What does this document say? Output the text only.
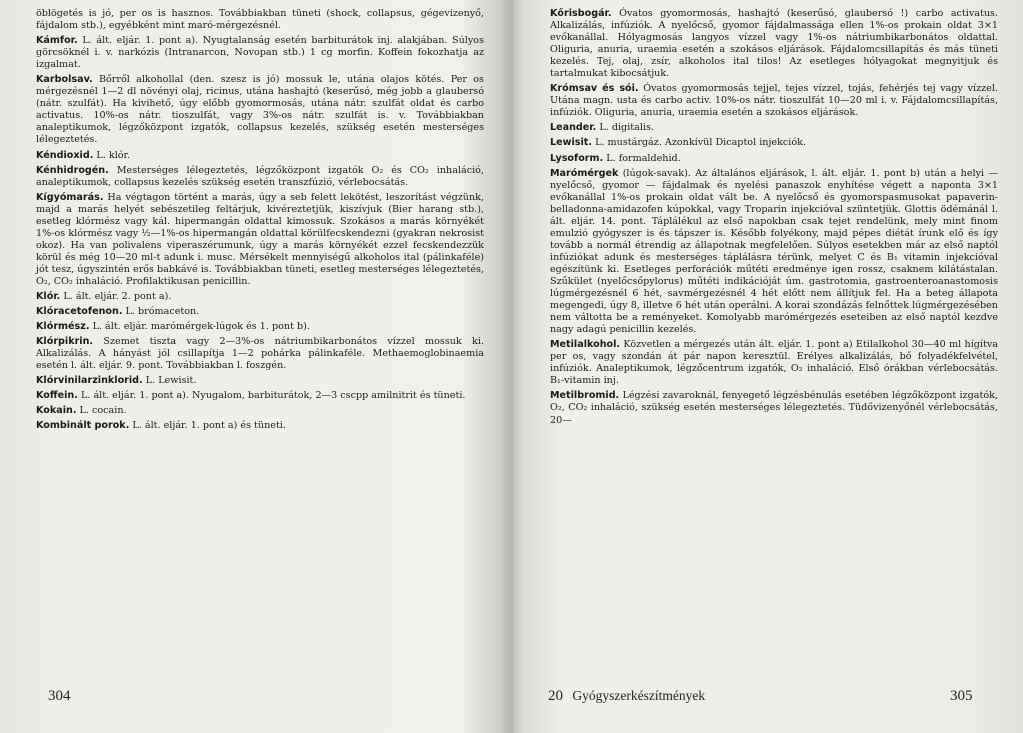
öblögetés is jó, per os is hasznos. Továbbiakban tüneti (shock, collapsus, gégevizenyő, fájdalom stb.), egyébként mint maró-mérgezésnél.

Kámfor. L. ált. eljár. 1. pont a). Nyugtalanság esetén barbiturátok inj. alakjában. Súlyos görcsöknél i. v. narkózis (Intranarcon, Novopan stb.) 1 cg morfin. Koffein fokozhatja az izgalmat.

Karbolsav. Bőrről alkohollal (den. szesz is jó) mossuk le, utána olajos kötés. Per os mérgezésnél 1—2 dl növényi olaj, ricinus, utána hashajtó (keserűsó, még jobb a glaubersó (nátr. szulfát). Ha kivihető, úgy előbb gyomormosás, utána nátr. szulfát oldat és carbo activatus. 10%-os nátr. tioszulfát, vagy 3%-os nátr. szulfát is. v. Továbbiakban analeptikumok, légzőközpont izgatók, collapsus kezelés, szükség esetén mesterséges lélegeztetés.

Kéndioxid. L. klór.

Kénhidrogén. Mesterséges lélegeztetés, légzőközpont izgatók O₂ és CO₂ inhaláció, analeptikumok, collapsus kezelés szükség esetén transzfúzió, vérlebocsátás.

Kígyómarás. Ha végtagon történt a marás, úgy a seb felett lekötést, leszorítást végzünk, majd a marás helyét sebészetileg feltárjuk, kivéreztetjük, kiszívjuk (Bier harang stb.), esetleg klórmész vagy kál. hipermangán oldattal kimossuk. Szokásos a marás környékét 1%-os klórmész vagy ½—1%-os hipermangán oldattal körülfecskendezni (gyakran nekrosist okoz). Ha van polivalens viperaszérumunk, úgy a marás környékét ezzel fecskendezzük körül és még 10—20 ml-t adunk i. musc. Mérsékelt mennyiségű alkoholos ital (pálinkaféle) jót tesz, úgyszintén erős babkávé is. Továbbiakban tüneti, esetleg mesterséges lélegeztetés, O₂, CO₂ inhaláció. Profilaktikusan penicillin.

Klór. L. ált. eljár. 2. pont a).

Klóracetofenon. L. brómaceton.

Klórmész. L. ált. eljár. marómérgek-lúgok és 1. pont b).

Klórpikrin. Szemet tiszta vagy 2—3%-os nátriumbikarbonátos vízzel mossuk ki. Alkalizálás. A hányást jól csillapítja 1—2 pohárka pálinkaféle. Methaemoglobinaemia esetén l. ált. eljár. 9. pont. Továbbiakban l. foszgén.

Klórvinilarzinklorid. L. Lewisit.

Koffein. L. ált. eljár. 1. pont a). Nyugalom, barbiturátok, 2—3 cscpp amilnitrit és tüneti.

Kokain. L. cocain.

Kombinált porok. L. ált. eljár. 1. pont a) és tüneti.

Kőrisbogár. Óvatos gyomormosás, hashajtó (keserűsó, glaubersó !) carbo activatus. Alkalizálás, infúziók. A nyelőcső, gyomor fájdalmassága ellen 1%-os prokain oldat 3×1 evőkanállal. Hólyagmosás langyos vízzel vagy 1%-os nátriumbikarbonátos oldattal. Oliguria, anuria, uraemia esetén a szokásos eljárások. Fájdalomcsillapítás és más tüneti kezelés. Tej, olaj, zsír, alkoholos ital tilos! Az esetleges hólyagokat megnyitjuk és tartalmukat kibocsátjuk.

Krómsav és sói. Óvatos gyomormosás tejjel, tejes vízzel, tojás, fehérjés tej vagy vízzel. Utána magn. usta és carbo activ. 10%-os nátr. tioszulfát 10—20 ml i. v. Fájdalomcsillapítás, infúziók. Oliguria, anuria, uraemia esetén a szokásos eljárások.

Leander. L. digitalis.

Lewisit. L. mustárgáz. Azonkívül Dicaptol injekciók.

Lysoform. L. formaldehid.

Marómérgek (lúgok-savak). Az általános eljárások, l. ált. eljár. 1. pont b) után a helyi — nyelőcső, gyomor — fájdalmak és nyelési panaszok enyhítése végett a naponta 3×1 evőkanállal 1%-os prokain oldat vált be. A nyelőcső és gyomorspasmusokat papaverin-belladonna-amidazofen kúpokkal, vagy Troparin injekcióval szüntetjük. Glottis ödémánál l. ált. eljár. 14. pont. Táplálékul az első napokban csak tejet rendelünk, mely mint finom emulzió gyógyszer is és tápszer is. Később folyékony, majd pépes diétát írunk elő és így tovább a normál étrendig az állapotnak megfelelően. Súlyos esetekben már az első naptól infúziókat adunk és mesterséges táplálásra térünk, melyet C és B₁ vitamin injekcióval egészítünk ki. Esetleges perforációk műtéti eredménye igen rossz, csaknem kilátástalan. Szűkület (nyelőcsőpylorus) műtéti indikációját úm. gastrotomia, gastroenteroanastomosis lúgmérgezésnél 6 hét, savmérgezésnél 4 hét előtt nem állítjuk fel. Ha a beteg állapota megengedi, úgy 8, illetve 6 hét után operálni. A korai szondázás felnőttek lúgmérgezésében nem váltotta be a reményeket. Komolyabb marómérgezés eseteiben az első naptól kezdve nagy adagú penicillin kezelés.

Metilalkohol. Közvetlen a mérgezés után ált. eljár. 1. pont a) Etilalkohol 30—40 ml hígítva per os, vagy szondán át pár napon keresztül. Erélyes alkalizálás, bő folyadékfelvétel, infúziók. Analeptikumok, légzőcentrum izgatók, O₂ inhaláció. Első órákban vérlebocsátás. B₁-vitamin inj.

Metilbromid. Légzési zavaroknál, fenyegető légzésbénulás esetében légzőközpont izgatók, O₂, CO₂ inhaláció, szükség esetén mesterséges lélegeztetés. Tüdővizenyőnél vérlebocsátás, 20—

304	20 Gyógyszerkészítmények	305
